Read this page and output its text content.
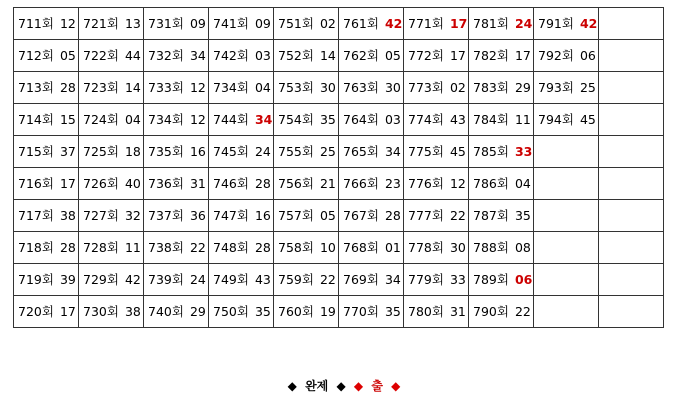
711회 12	721회 13	731회 09	741회 09	751회 02	761회 42	771회 17	781회 24	791회 42	
712회 05	722회 44	732회 34	742회 03	752회 14	762회 05	772회 17	782회 17	792회 06	
713회 28	723회 14	733회 12	734회 04	753회 30	763회 30	773회 02	783회 29	793회 25	
714회 15	724회 04	734회 12	744회 34	754회 35	764회 03	774회 43	784회 11	794회 45	
715회 37	725회 18	735회 16	745회 24	755회 25	765회 34	775회 45	785회 33		
716회 17	726회 40	736회 31	746회 28	756회 21	766회 23	776회 12	786회 04		
717회 38	727회 32	737회 36	747회 16	757회 05	767회 28	777회 22	787회 35		
718회 28	728회 11	738회 22	748회 28	758회 10	768회 01	778회 30	788회 08		
719회 39	729회 42	739회 24	749회 43	759회 22	769회 34	779회 33	789회 06		
720회 17	730회 38	740회 29	750회 35	760회 19	770회 35	780회 31	790회 22		
◆ 완제 ◆ ◆ 출 ◆
